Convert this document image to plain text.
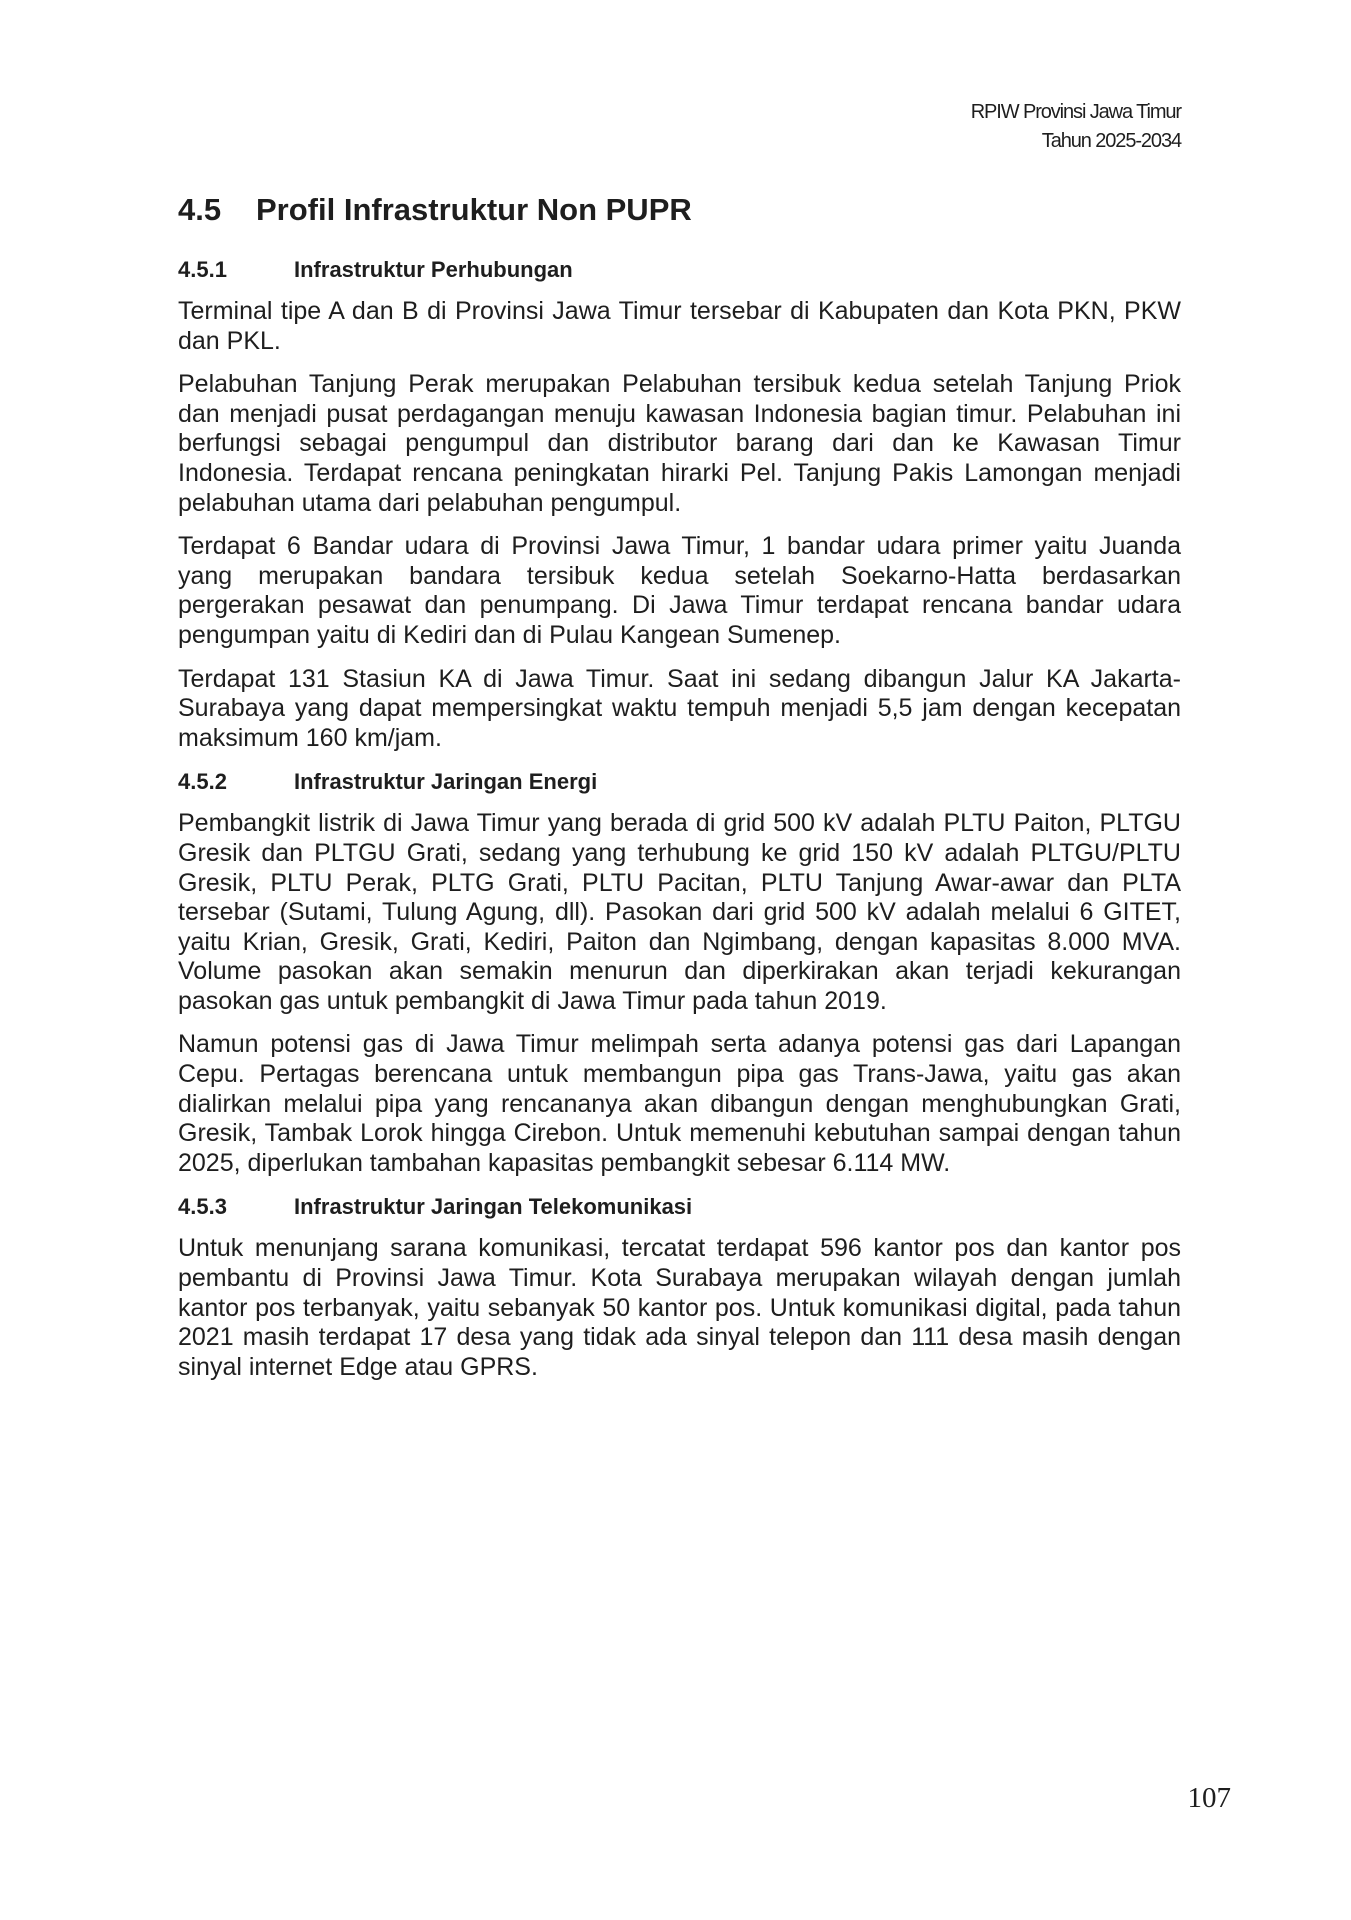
RPIW Provinsi Jawa Timur
Tahun 2025-2034
4.5	Profil Infrastruktur Non PUPR
4.5.1	Infrastruktur Perhubungan

Terminal tipe A dan B di Provinsi Jawa Timur tersebar di Kabupaten dan Kota PKN, PKW dan PKL.

Pelabuhan Tanjung Perak merupakan Pelabuhan tersibuk kedua setelah Tanjung Priok dan menjadi pusat perdagangan menuju kawasan Indonesia bagian timur. Pelabuhan ini berfungsi sebagai pengumpul dan distributor barang dari dan ke Kawasan Timur Indonesia. Terdapat rencana peningkatan hirarki Pel. Tanjung Pakis Lamongan menjadi pelabuhan utama dari pelabuhan pengumpul.

Terdapat 6 Bandar udara di Provinsi Jawa Timur, 1 bandar udara primer yaitu Juanda yang merupakan bandara tersibuk kedua setelah Soekarno-Hatta berdasarkan pergerakan pesawat dan penumpang. Di Jawa Timur terdapat rencana bandar udara pengumpan yaitu di Kediri dan di Pulau Kangean Sumenep.

Terdapat 131 Stasiun KA di Jawa Timur. Saat ini sedang dibangun Jalur KA Jakarta-Surabaya yang dapat mempersingkat waktu tempuh menjadi 5,5 jam dengan kecepatan maksimum 160 km/jam.

4.5.2	Infrastruktur Jaringan Energi

Pembangkit listrik di Jawa Timur yang berada di grid 500 kV adalah PLTU Paiton, PLTGU Gresik dan PLTGU Grati, sedang yang terhubung ke grid 150 kV adalah PLTGU/PLTU Gresik, PLTU Perak, PLTG Grati, PLTU Pacitan, PLTU Tanjung Awar-awar dan PLTA tersebar (Sutami, Tulung Agung, dll). Pasokan dari grid 500 kV adalah melalui 6 GITET, yaitu Krian, Gresik, Grati, Kediri, Paiton dan Ngimbang, dengan kapasitas 8.000 MVA. Volume pasokan akan semakin menurun dan diperkirakan akan terjadi kekurangan pasokan gas untuk pembangkit di Jawa Timur pada tahun 2019.

Namun potensi gas di Jawa Timur melimpah serta adanya potensi gas dari Lapangan Cepu. Pertagas berencana untuk membangun pipa gas Trans-Jawa, yaitu gas akan dialirkan melalui pipa yang rencananya akan dibangun dengan menghubungkan Grati, Gresik, Tambak Lorok hingga Cirebon. Untuk memenuhi kebutuhan sampai dengan tahun 2025, diperlukan tambahan kapasitas pembangkit sebesar 6.114 MW.

4.5.3	Infrastruktur Jaringan Telekomunikasi

Untuk menunjang sarana komunikasi, tercatat terdapat 596 kantor pos dan kantor pos pembantu di Provinsi Jawa Timur. Kota Surabaya merupakan wilayah dengan jumlah kantor pos terbanyak, yaitu sebanyak 50 kantor pos. Untuk komunikasi digital, pada tahun 2021 masih terdapat 17 desa yang tidak ada sinyal telepon dan 111 desa masih dengan sinyal internet Edge atau GPRS.

107
